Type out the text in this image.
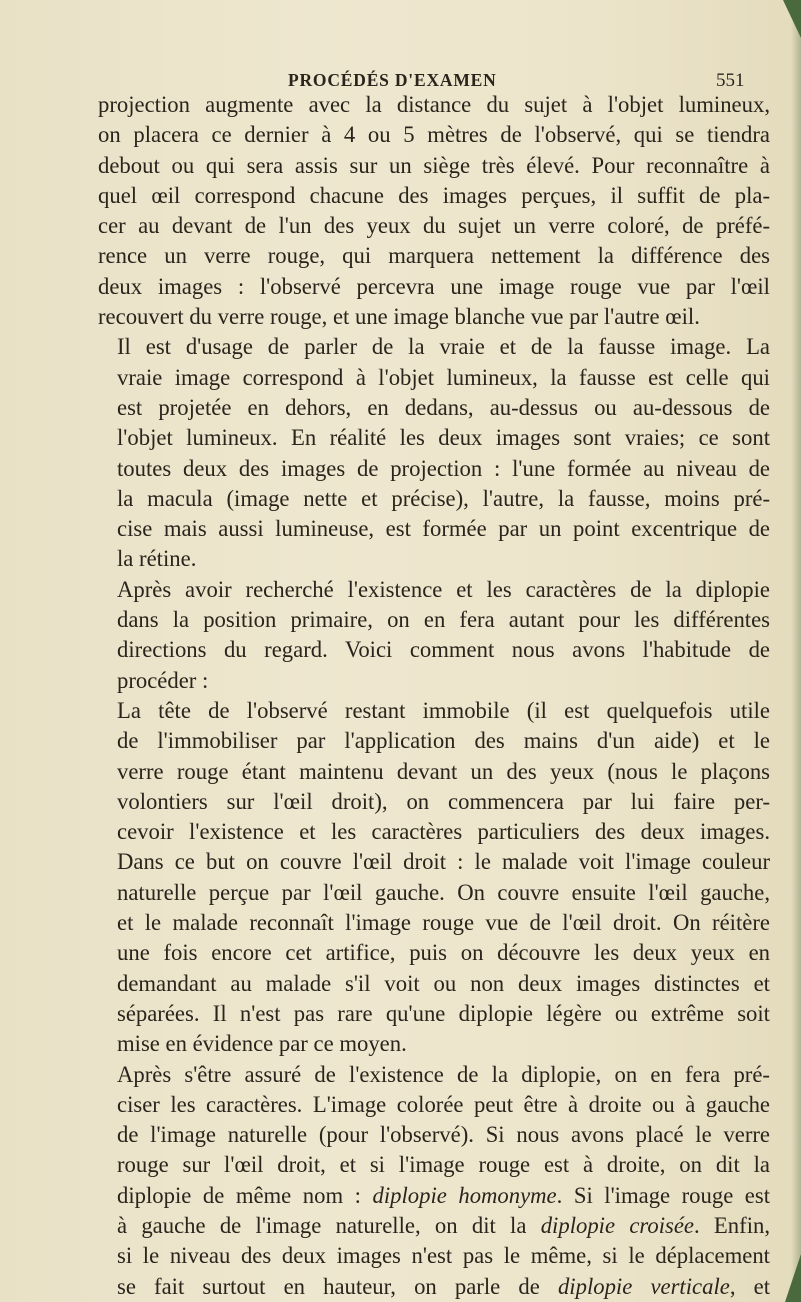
PROCÉDÉS D'EXAMEN	551

projection augmente avec la distance du sujet à l'objet lumineux,
on placera ce dernier à 4 ou 5 mètres de l'observé, qui se tiendra
debout ou qui sera assis sur un siège très élevé. Pour reconnaître à
quel œil correspond chacune des images perçues, il suffit de pla-
cer au devant de l'un des yeux du sujet un verre coloré, de préfé-
rence un verre rouge, qui marquera nettement la différence des
deux images : l'observé percevra une image rouge vue par l'œil
recouvert du verre rouge, et une image blanche vue par l'autre œil.

Il est d'usage de parler de la vraie et de la fausse image. La
vraie image correspond à l'objet lumineux, la fausse est celle qui
est projetée en dehors, en dedans, au-dessus ou au-dessous de
l'objet lumineux. En réalité les deux images sont vraies; ce sont
toutes deux des images de projection : l'une formée au niveau de
la macula (image nette et précise), l'autre, la fausse, moins pré-
cise mais aussi lumineuse, est formée par un point excentrique de
la rétine.

Après avoir recherché l'existence et les caractères de la diplopie
dans la position primaire, on en fera autant pour les différentes
directions du regard. Voici comment nous avons l'habitude de
procéder :

La tête de l'observé restant immobile (il est quelquefois utile
de l'immobiliser par l'application des mains d'un aide) et le
verre rouge étant maintenu devant un des yeux (nous le plaçons
volontiers sur l'œil droit), on commencera par lui faire per-
cevoir l'existence et les caractères particuliers des deux images.
Dans ce but on couvre l'œil droit : le malade voit l'image couleur
naturelle perçue par l'œil gauche. On couvre ensuite l'œil gauche,
et le malade reconnaît l'image rouge vue de l'œil droit. On réitère
une fois encore cet artifice, puis on découvre les deux yeux en
demandant au malade s'il voit ou non deux images distinctes et
séparées. Il n'est pas rare qu'une diplopie légère ou extrême soit
mise en évidence par ce moyen.

Après s'être assuré de l'existence de la diplopie, on en fera pré-
ciser les caractères. L'image colorée peut être à droite ou à gauche
de l'image naturelle (pour l'observé). Si nous avons placé le verre
rouge sur l'œil droit, et si l'image rouge est à droite, on dit la
diplopie de même nom : diplopie homonyme. Si l'image rouge est
à gauche de l'image naturelle, on dit la diplopie croisée. Enfin,
si le niveau des deux images n'est pas le même, si le déplacement
se fait surtout en hauteur, on parle de diplopie verticale, et
